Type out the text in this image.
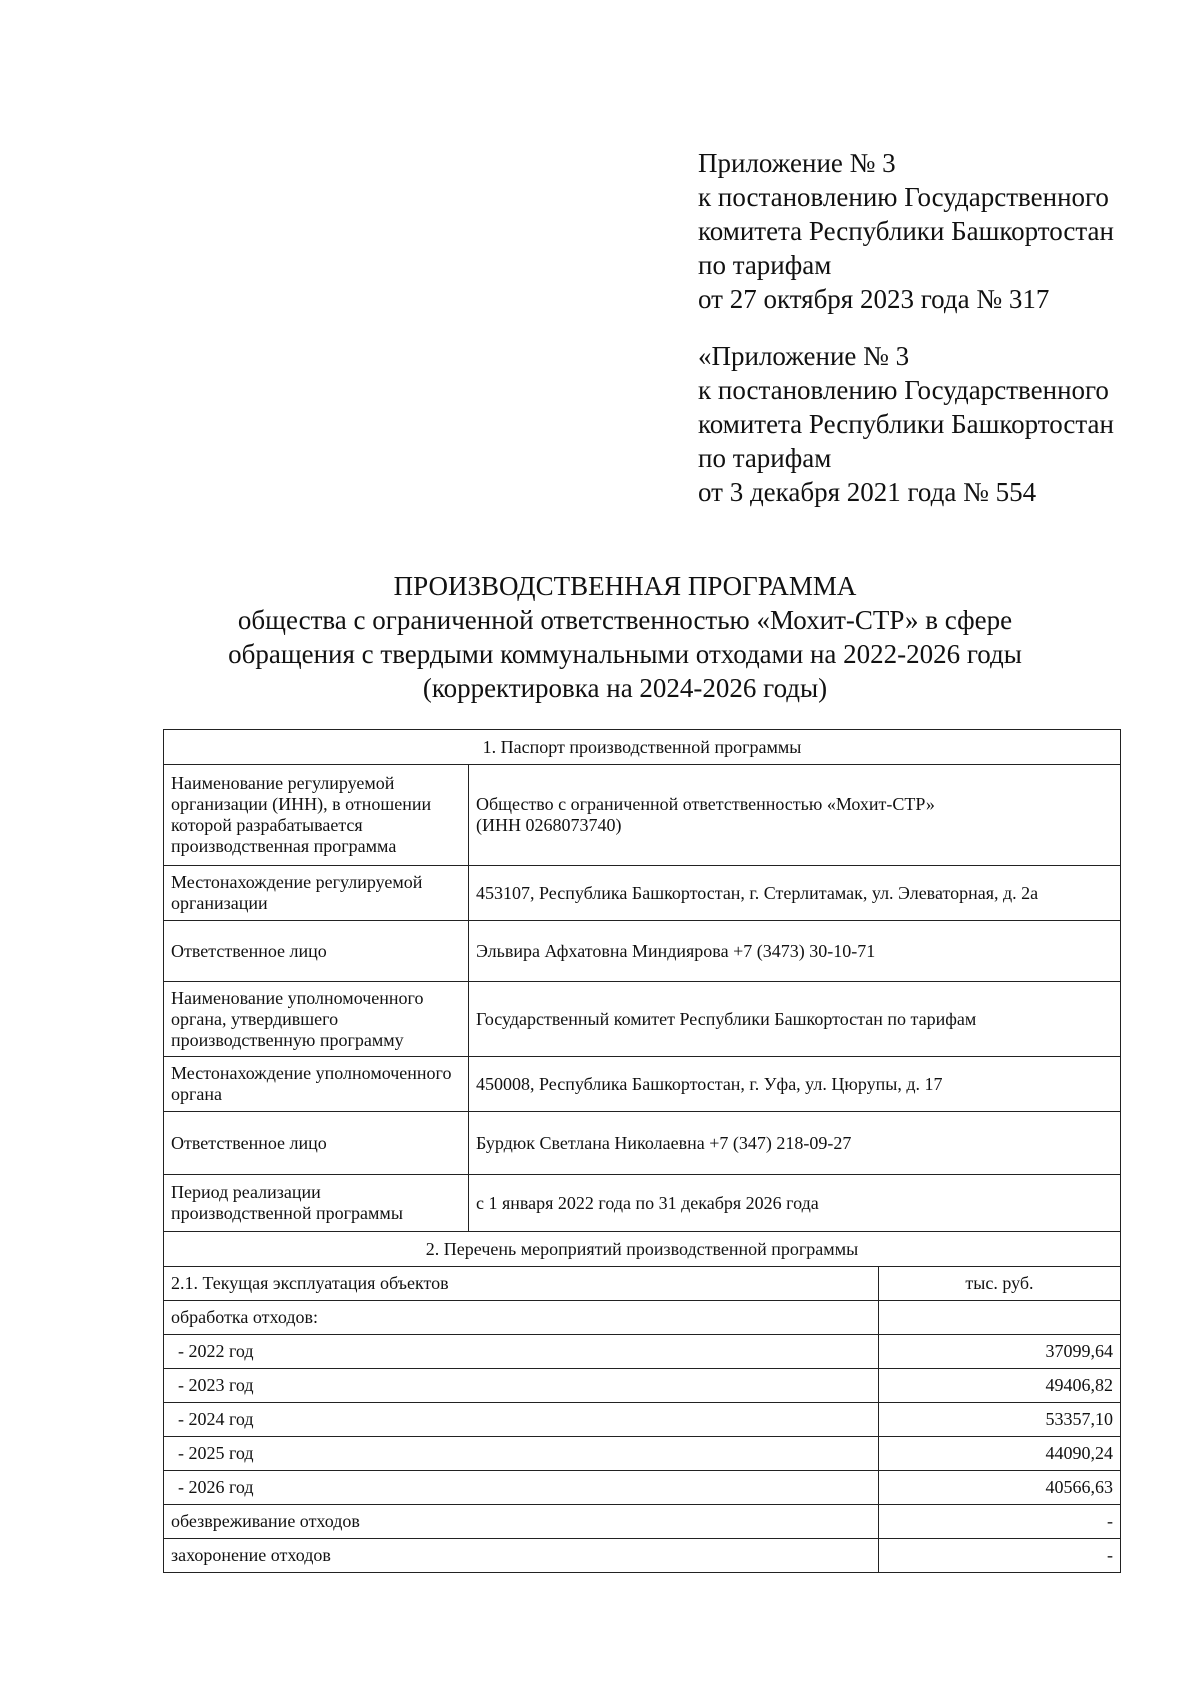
Приложение № 3
к постановлению Государственного
комитета Республики Башкортостан
по тарифам
от 27 октября 2023 года № 317
«Приложение № 3
к постановлению Государственного
комитета Республики Башкортостан
по тарифам
от 3 декабря 2021 года № 554
ПРОИЗВОДСТВЕННАЯ ПРОГРАММА
общества с ограниченной ответственностью «Мохит-СТР» в сфере
обращения с твердыми коммунальными отходами на 2022-2026 годы
(корректировка на 2024-2026 годы)
1. Паспорт производственной программы		
Наименование регулируемой организации (ИНН), в отношении которой разрабатывается производственная программа	Общество с ограниченной ответственностью «Мохит-СТР»
(ИНН 0268073740)	

Местонахождение регулируемой организации	453107, Республика Башкортостан, г. Стерлитамак, ул. Элеваторная, д. 2а	
Ответственное лицо	Эльвира Афхатовна Миндиярова +7 (3473) 30-10-71	
Наименование уполномоченного органа, утвердившего производственную программу	Государственный комитет Республики Башкортостан по тарифам	
Местонахождение уполномоченного органа	450008, Республика Башкортостан, г. Уфа, ул. Цюрупы, д. 17	
Ответственное лицо	Бурдюк Светлана Николаевна +7 (347) 218-09-27	
Период реализации производственной программы	с 1 января 2022 года по 31 декабря 2026 года	
2. Перечень мероприятий производственной программы		
2.1. Текущая эксплуатация объектов		тыс. руб.
обработка отходов:		
- 2022 год		37099,64
- 2023 год		49406,82
- 2024 год		53357,10
- 2025 год		44090,24
- 2026 год		40566,63
обезвреживание отходов		-
захоронение отходов		-
